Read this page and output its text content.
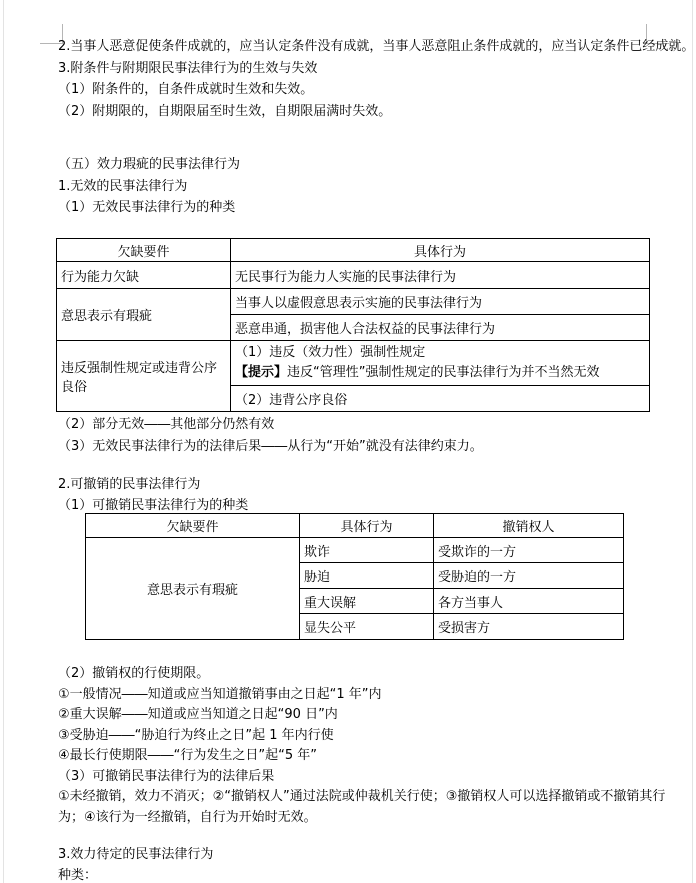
2.当事人恶意促使条件成就的，应当认定条件没有成就，当事人恶意阻止条件成就的，应当认定条件已经成就。
3.附条件与附期限民事法律行为的生效与失效
（1）附条件的，自条件成就时生效和失效。
（2）附期限的，自期限届至时生效，自期限届满时失效。
（五）效力瑕疵的民事法律行为
1.无效的民事法律行为
（1）无效民事法律行为的种类
欠缺要件	具体行为
行为能力欠缺	无民事行为能力人实施的民事法律行为
意思表示有瑕疵	当事人以虚假意思表示实施的民事法律行为
	恶意串通，损害他人合法权益的民事法律行为
违反强制性规定或违背公序良俗	（1）违反（效力性）强制性规定
【提示】违反“管理性”强制性规定的民事法律行为并不当然无效

	（2）违背公序良俗
（2）部分无效――其他部分仍然有效
（3）无效民事法律行为的法律后果――从行为“开始”就没有法律约束力。
2.可撤销的民事法律行为
（1）可撤销民事法律行为的种类
欠缺要件	具体行为	撤销权人
意思表示有瑕疵	欺诈	受欺诈的一方
	胁迫	受胁迫的一方
	重大误解	各方当事人
	显失公平	受损害方
（2）撤销权的行使期限。
①一般情况――知道或应当知道撤销事由之日起“1 年”内
②重大误解――知道或应当知道之日起“90 日”内
③受胁迫――“胁迫行为终止之日”起 1 年内行使
④最长行使期限――“行为发生之日”起“5 年”
（3）可撤销民事法律行为的法律后果
①未经撤销，效力不消灭；②“撤销权人”通过法院或仲裁机关行使；③撤销权人可以选择撤销或不撤销其行
为；④该行为一经撤销，自行为开始时无效。
3.效力待定的民事法律行为
种类：
